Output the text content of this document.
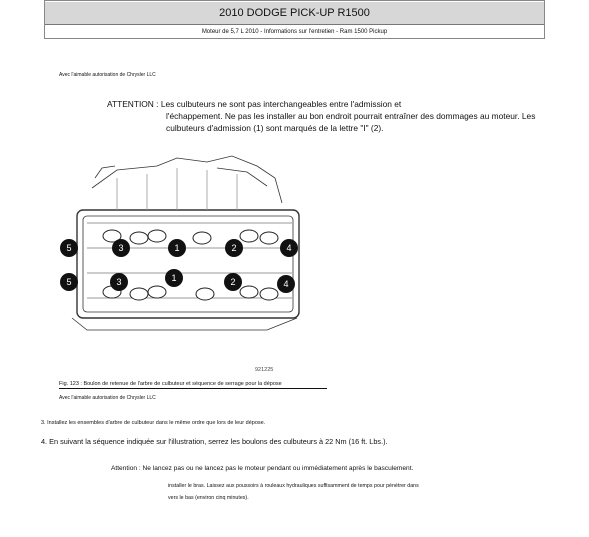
2010 DODGE PICK-UP R1500
Moteur de 5,7 L 2010 - Informations sur l'entretien - Ram 1500 Pickup
Avec l'aimable autorisation de Chrysler LLC
ATTENTION : Les culbuteurs ne sont pas interchangeables entre l'admission et
l'échappement. Ne pas les installer au bon endroit pourrait entraîner des dommages au moteur. Les
culbuteurs d'admission (1) sont marqués de la lettre "I" (2).
5	3	1	2	4
5	3	1	2	4
921225
Fig. 123 : Boulon de retenue de l'arbre de culbuteur et séquence de serrage pour la dépose
Avec l'aimable autorisation de Chrysler LLC
3. Installez les ensembles d'arbre de culbuteur dans le même ordre que lors de leur dépose.
4. En suivant la séquence indiquée sur l'illustration, serrez les boulons des culbuteurs à 22 Nm (16 ft. Lbs.).
Attention : Ne lancez pas ou ne lancez pas le moteur pendant ou immédiatement après le basculement.
installer le bras. Laissez aux poussoirs à rouleaux hydrauliques suffisamment de temps pour pénétrer dans
vers le bas (environ cinq minutes).
